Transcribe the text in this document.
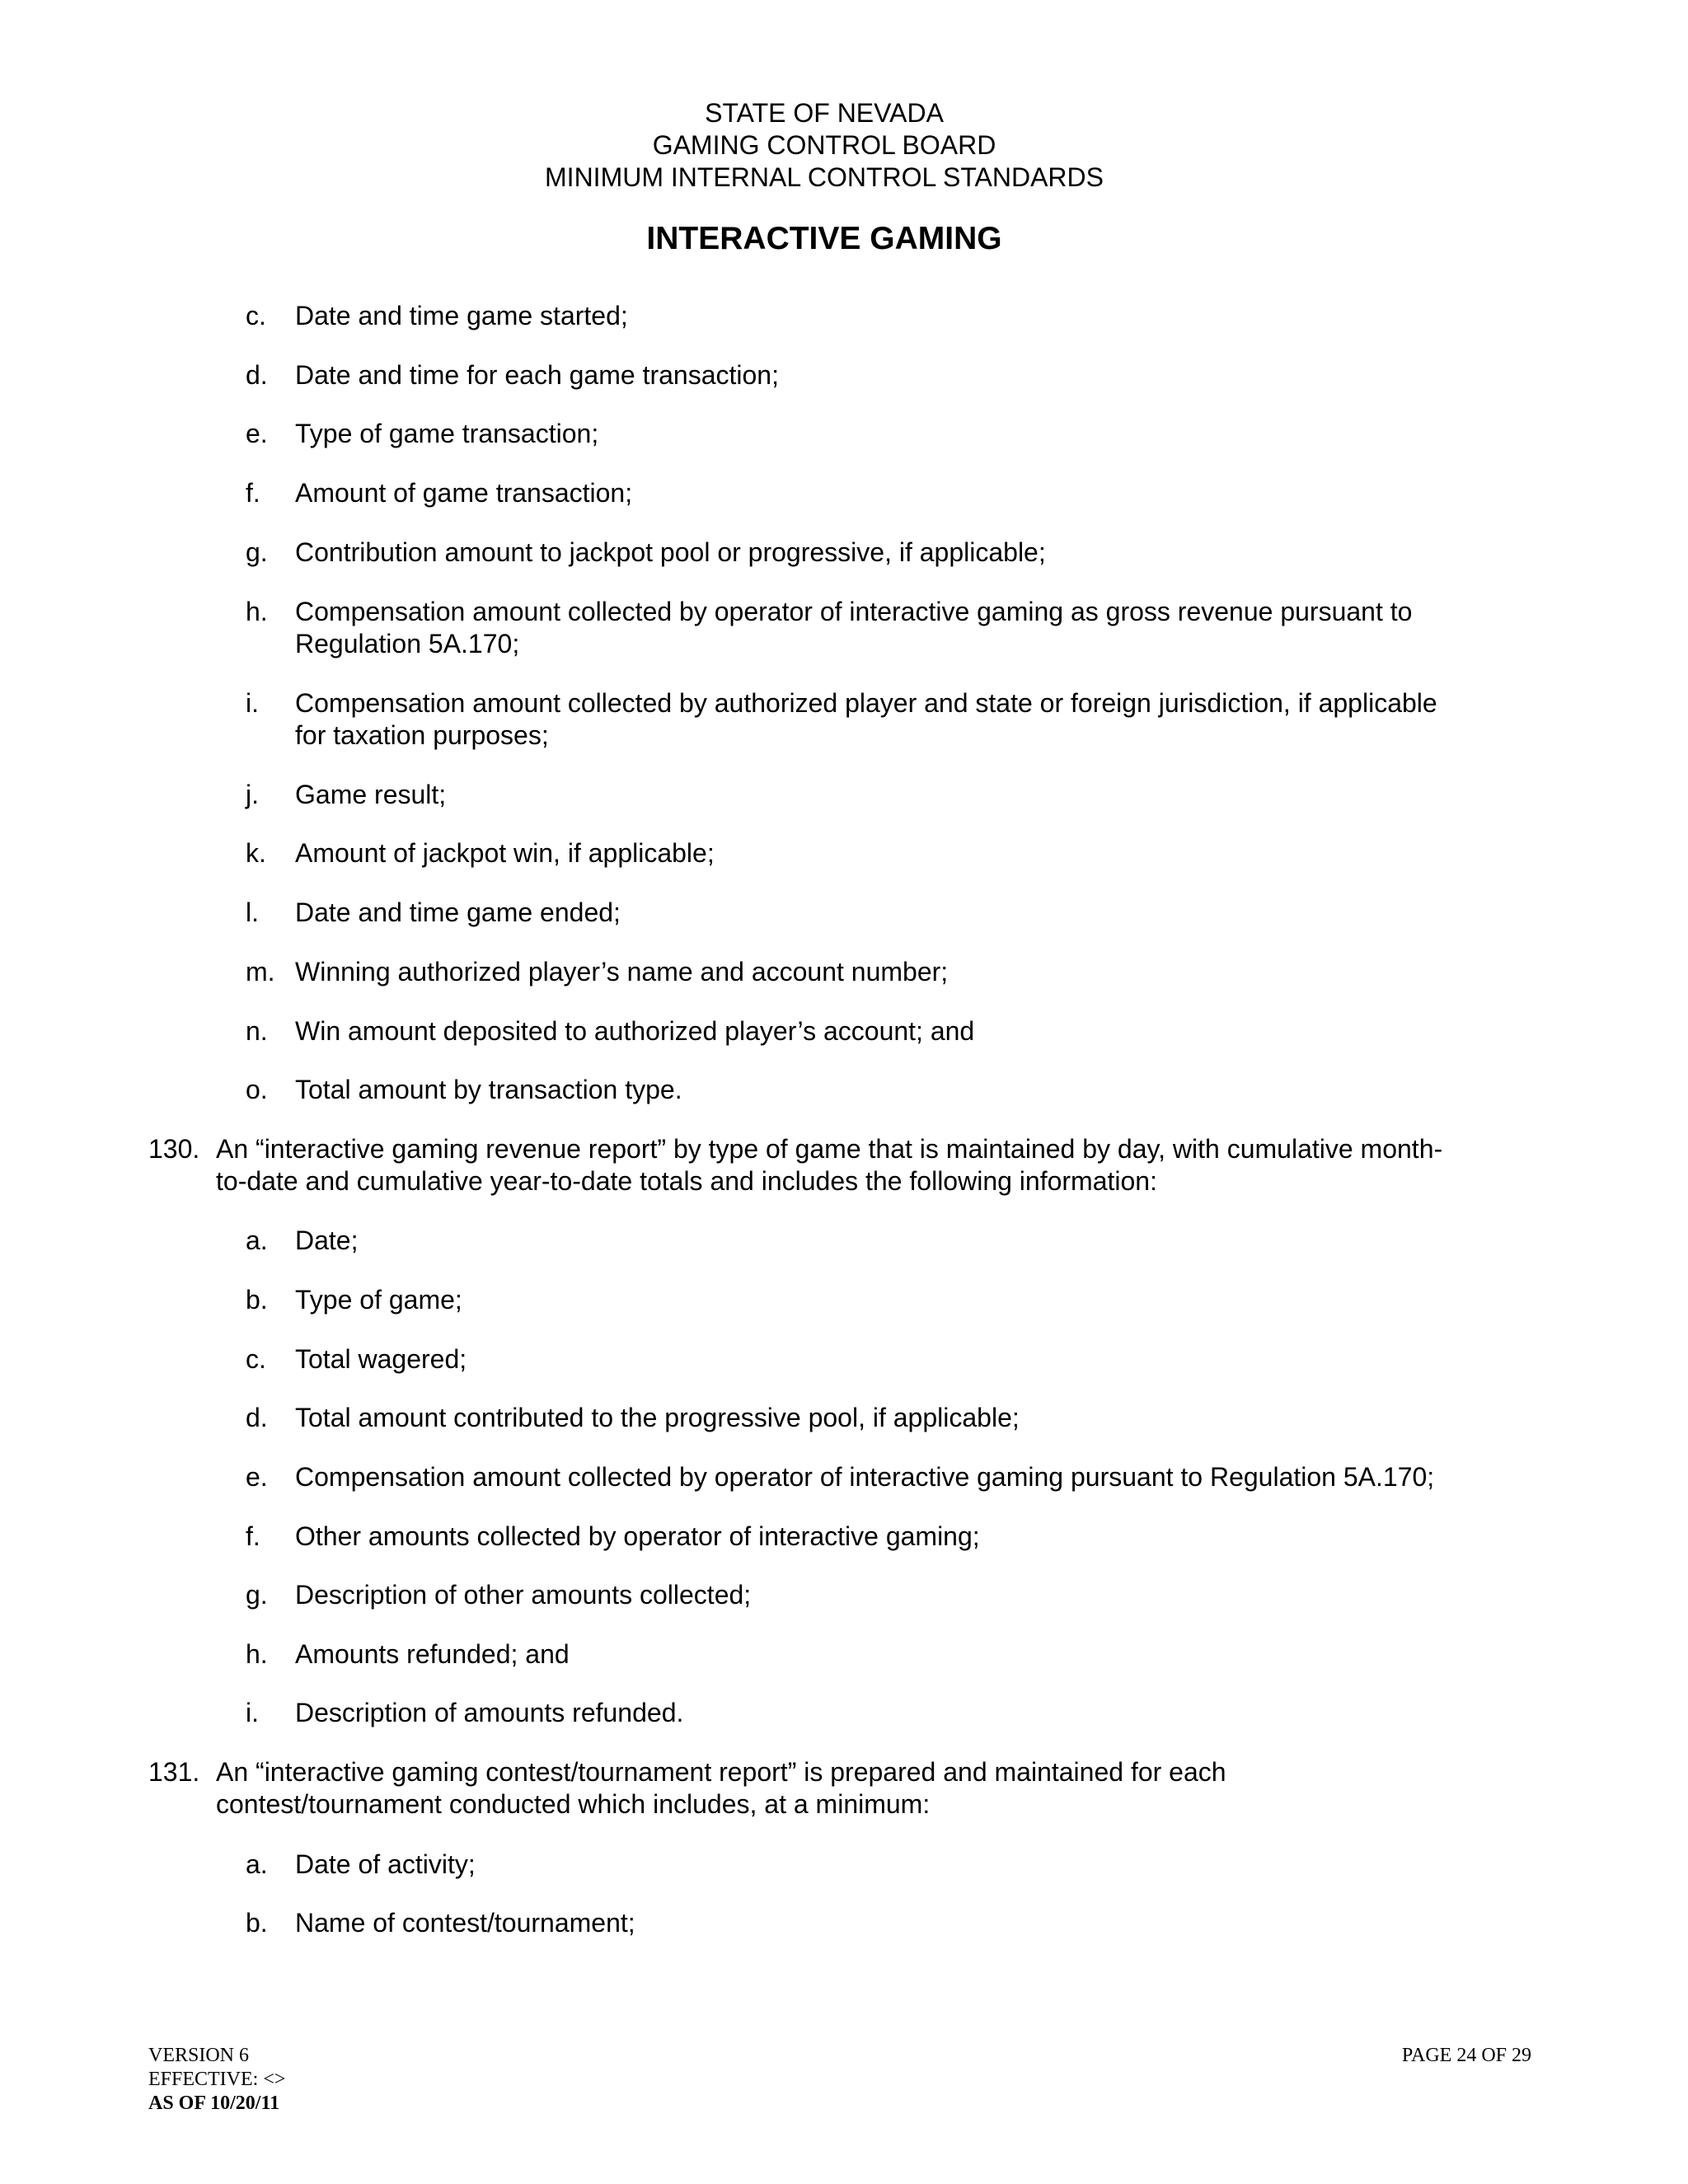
STATE OF NEVADA
GAMING CONTROL BOARD
MINIMUM INTERNAL CONTROL STANDARDS
INTERACTIVE GAMING
c. Date and time game started;
d. Date and time for each game transaction;
e. Type of game transaction;
f. Amount of game transaction;
g. Contribution amount to jackpot pool or progressive, if applicable;
h. Compensation amount collected by operator of interactive gaming as gross revenue pursuant to
Regulation 5A.170;
i. Compensation amount collected by authorized player and state or foreign jurisdiction, if applicable
for taxation purposes;
j. Game result;
k. Amount of jackpot win, if applicable;
l. Date and time game ended;
m. Winning authorized player’s name and account number;
n. Win amount deposited to authorized player’s account; and
o. Total amount by transaction type.
130. An “interactive gaming revenue report” by type of game that is maintained by day, with cumulative month-
to-date and cumulative year-to-date totals and includes the following information:
a. Date;
b. Type of game;
c. Total wagered;
d. Total amount contributed to the progressive pool, if applicable;
e. Compensation amount collected by operator of interactive gaming pursuant to Regulation 5A.170;
f. Other amounts collected by operator of interactive gaming;
g. Description of other amounts collected;
h. Amounts refunded; and
i. Description of amounts refunded.
131. An “interactive gaming contest/tournament report” is prepared and maintained for each
contest/tournament conducted which includes, at a minimum:
a. Date of activity;
b. Name of contest/tournament;
VERSION 6
EFFECTIVE: <>
AS OF 10/20/11
PAGE 24 OF 29
